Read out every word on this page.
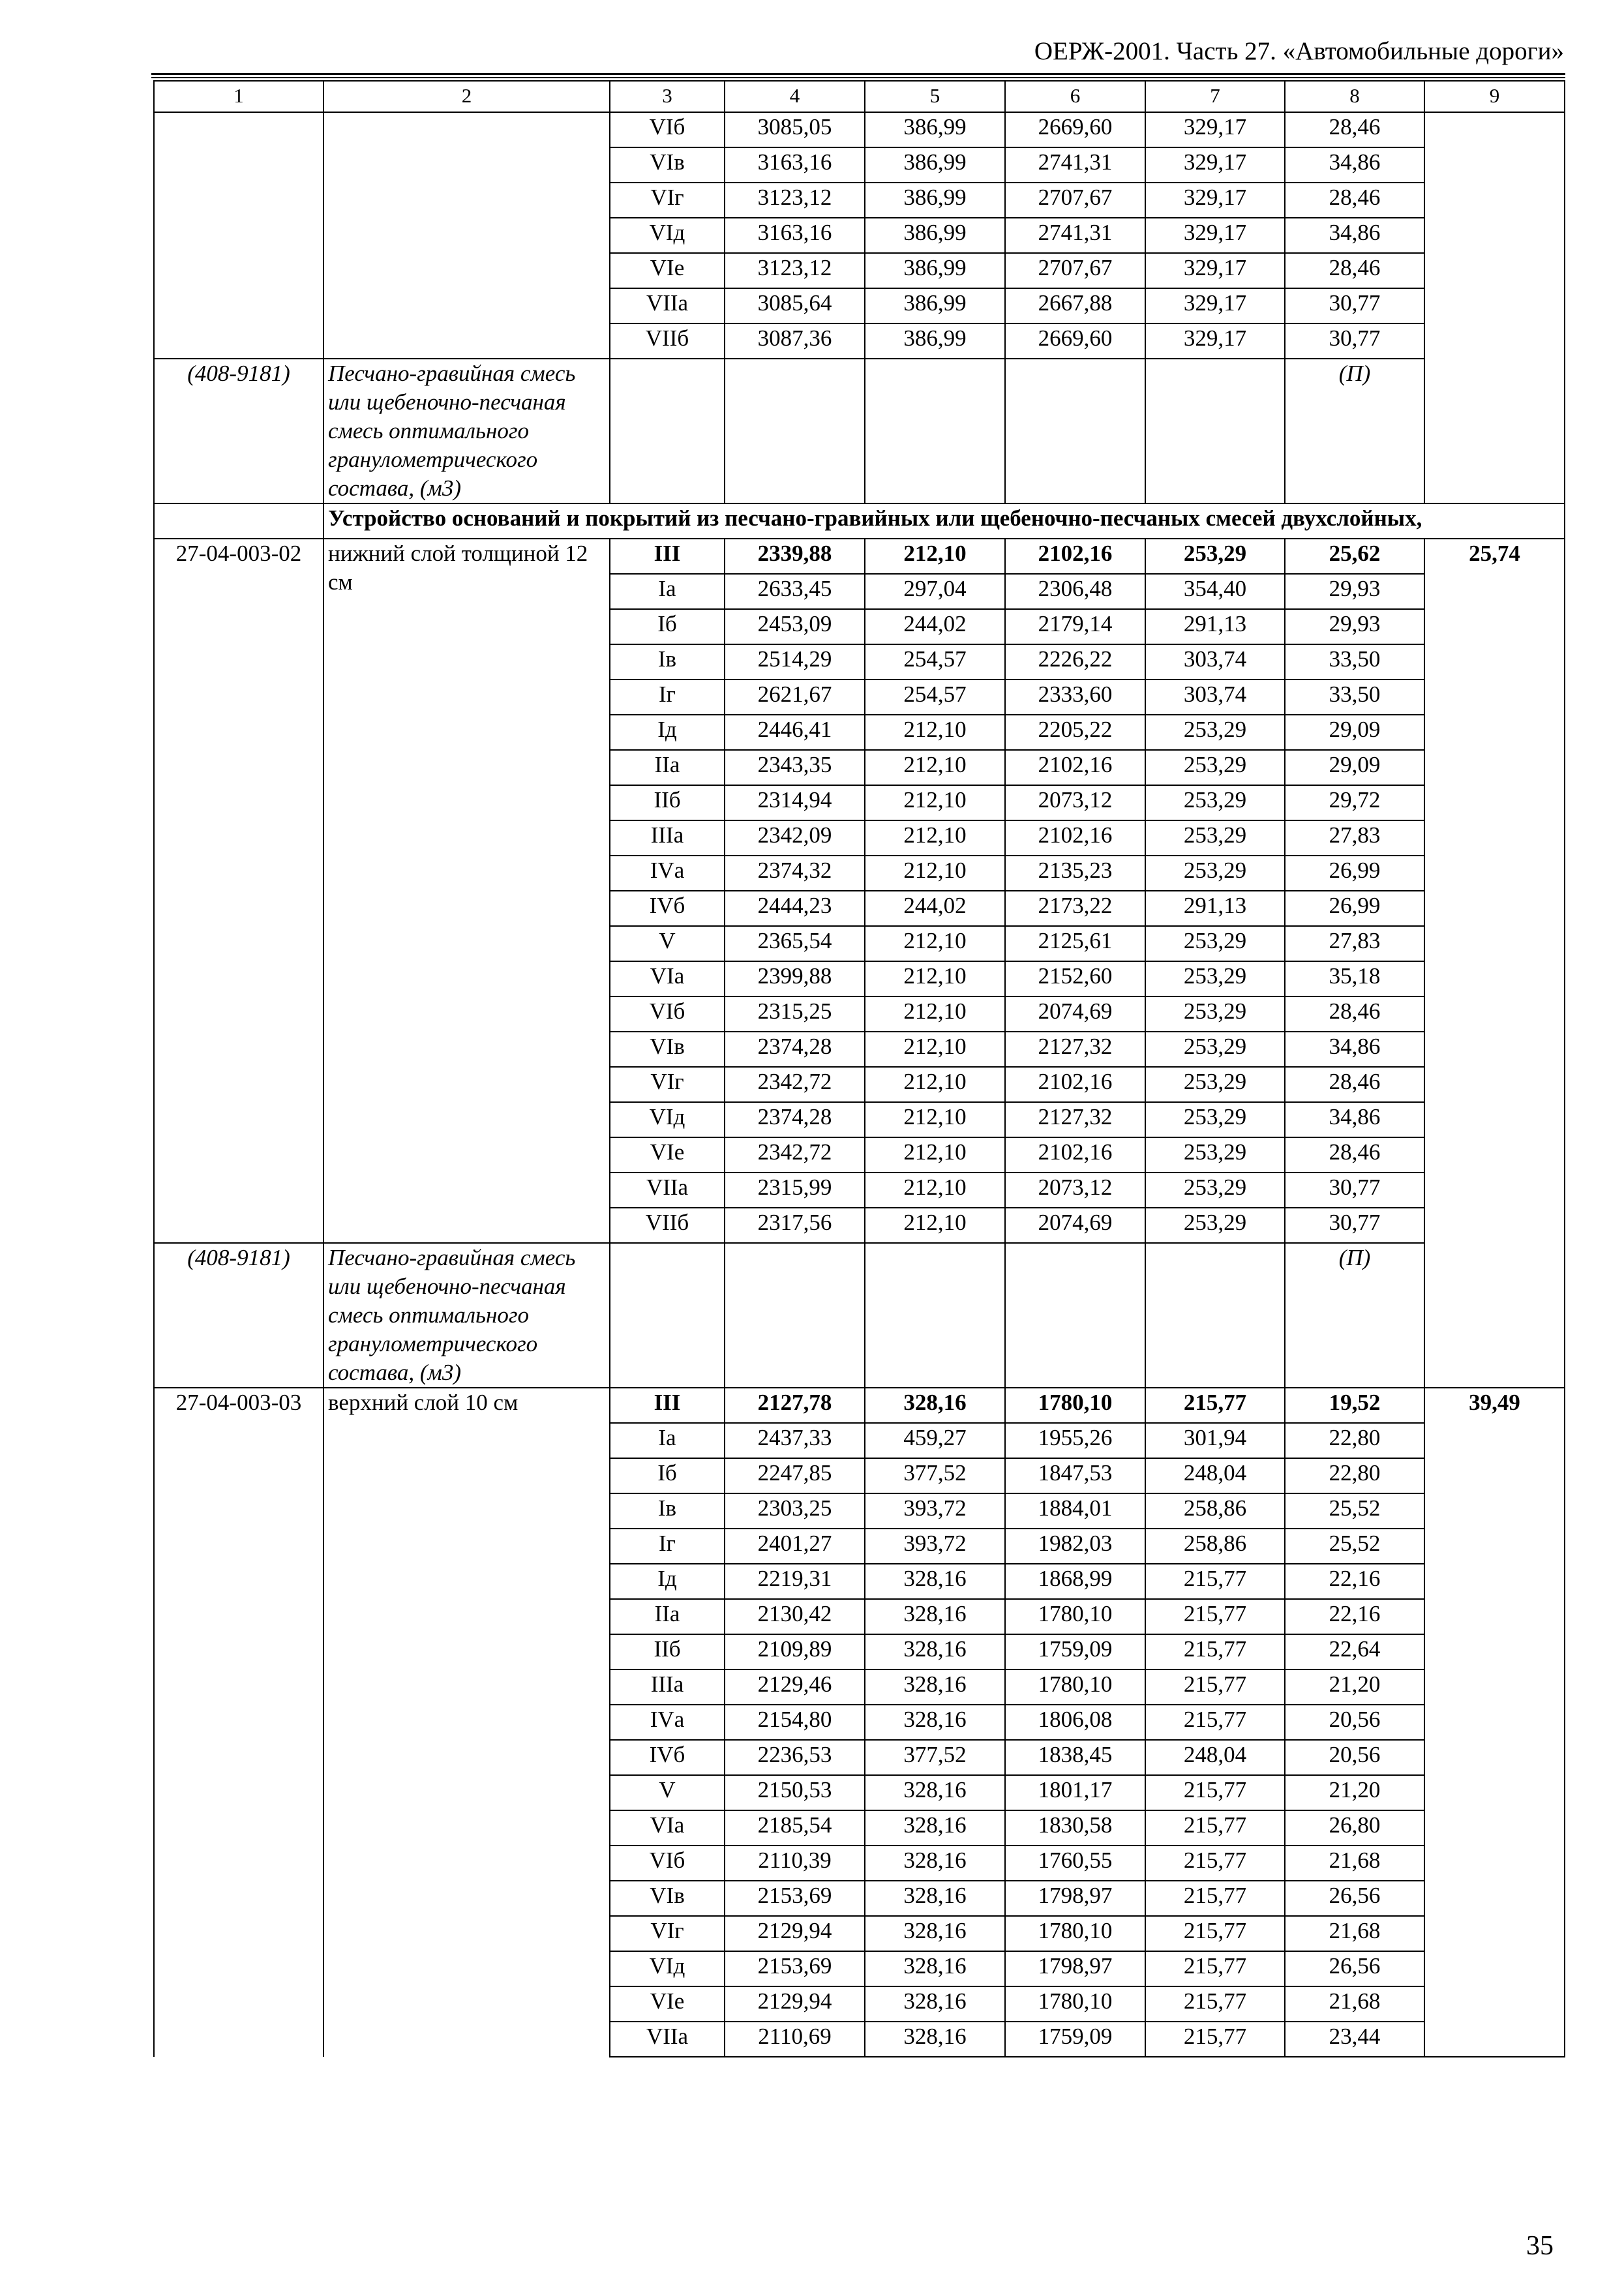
ОЕРЖ-2001. Часть 27. «Автомобильные дороги»
1	2	3	4	5	6	7	8	9
		VIб	3085,05	386,99	2669,60	329,17	28,46	
		VIв	3163,16	386,99	2741,31	329,17	34,86	
		VIг	3123,12	386,99	2707,67	329,17	28,46	
		VIд	3163,16	386,99	2741,31	329,17	34,86	
		VIе	3123,12	386,99	2707,67	329,17	28,46	
		VIIа	3085,64	386,99	2667,88	329,17	30,77	
		VIIб	3087,36	386,99	2669,60	329,17	30,77	
(408-9181)	Песчано-гравийная смесь или щебеночно-песчаная смесь оптимального гранулометрического состава, (м3)						(П)	
	Устройство оснований и покрытий из песчано-гравийных или щебеночно-песчаных смесей двухслойных,							
27-04-003-02	нижний слой толщиной 12 см	III	2339,88	212,10	2102,16	253,29	25,62	25,74
		Iа	2633,45	297,04	2306,48	354,40	29,93	
		Iб	2453,09	244,02	2179,14	291,13	29,93	
		Iв	2514,29	254,57	2226,22	303,74	33,50	
		Iг	2621,67	254,57	2333,60	303,74	33,50	
		Iд	2446,41	212,10	2205,22	253,29	29,09	
		IIа	2343,35	212,10	2102,16	253,29	29,09	
		IIб	2314,94	212,10	2073,12	253,29	29,72	
		IIIа	2342,09	212,10	2102,16	253,29	27,83	
		IVа	2374,32	212,10	2135,23	253,29	26,99	
		IVб	2444,23	244,02	2173,22	291,13	26,99	
		V	2365,54	212,10	2125,61	253,29	27,83	
		VIа	2399,88	212,10	2152,60	253,29	35,18	
		VIб	2315,25	212,10	2074,69	253,29	28,46	
		VIв	2374,28	212,10	2127,32	253,29	34,86	
		VIг	2342,72	212,10	2102,16	253,29	28,46	
		VIд	2374,28	212,10	2127,32	253,29	34,86	
		VIе	2342,72	212,10	2102,16	253,29	28,46	
		VIIа	2315,99	212,10	2073,12	253,29	30,77	
		VIIб	2317,56	212,10	2074,69	253,29	30,77	
(408-9181)	Песчано-гравийная смесь или щебеночно-песчаная смесь оптимального гранулометрического состава, (м3)						(П)	
27-04-003-03	верхний слой 10 см	III	2127,78	328,16	1780,10	215,77	19,52	39,49
		Iа	2437,33	459,27	1955,26	301,94	22,80	
		Iб	2247,85	377,52	1847,53	248,04	22,80	
		Iв	2303,25	393,72	1884,01	258,86	25,52	
		Iг	2401,27	393,72	1982,03	258,86	25,52	
		Iд	2219,31	328,16	1868,99	215,77	22,16	
		IIа	2130,42	328,16	1780,10	215,77	22,16	
		IIб	2109,89	328,16	1759,09	215,77	22,64	
		IIIа	2129,46	328,16	1780,10	215,77	21,20	
		IVа	2154,80	328,16	1806,08	215,77	20,56	
		IVб	2236,53	377,52	1838,45	248,04	20,56	
		V	2150,53	328,16	1801,17	215,77	21,20	
		VIа	2185,54	328,16	1830,58	215,77	26,80	
		VIб	2110,39	328,16	1760,55	215,77	21,68	
		VIв	2153,69	328,16	1798,97	215,77	26,56	
		VIг	2129,94	328,16	1780,10	215,77	21,68	
		VIд	2153,69	328,16	1798,97	215,77	26,56	
		VIе	2129,94	328,16	1780,10	215,77	21,68	
		VIIа	2110,69	328,16	1759,09	215,77	23,44	
35
